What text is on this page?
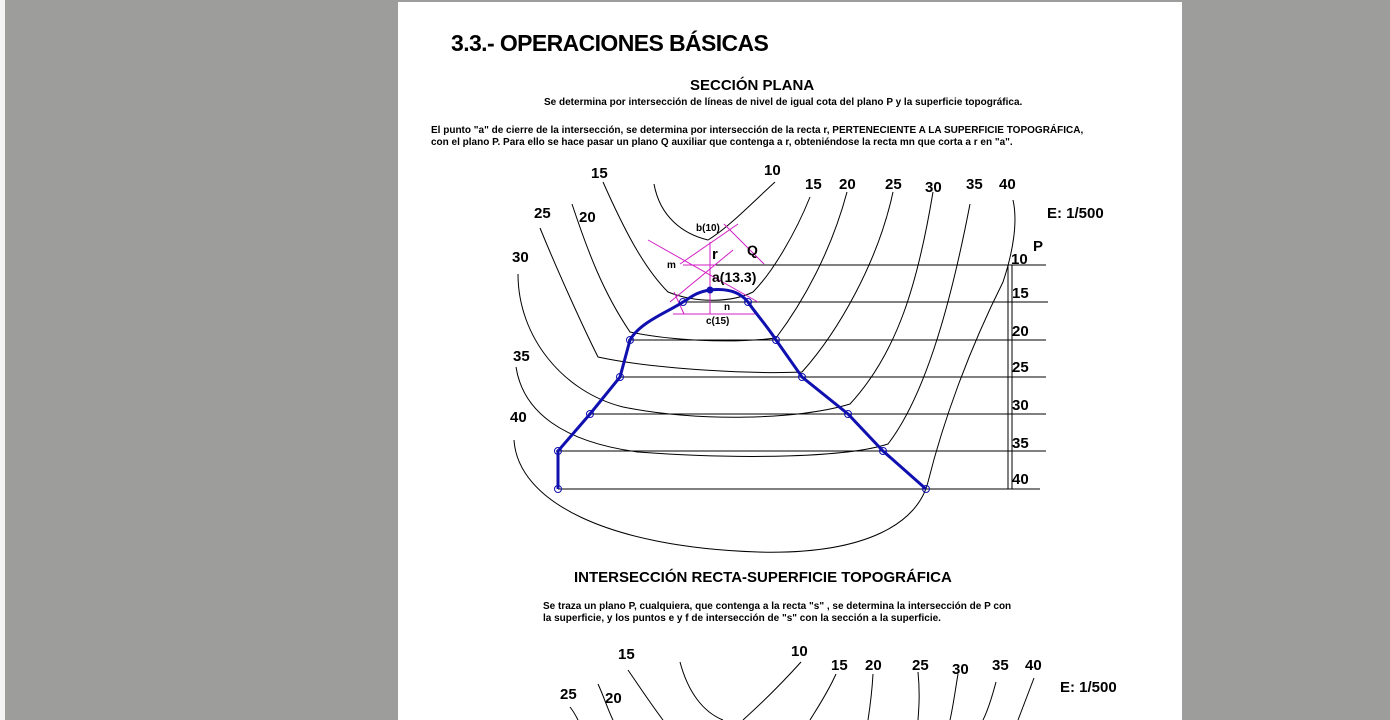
3.3.- OPERACIONES BÁSICAS
SECCIÓN PLANA

Se determina por intersección de líneas de nivel de igual cota del plano P y la superficie topográfica.

El punto "a" de cierre de la intersección, se determina por intersección de la recta r, PERTENECIENTE A LA SUPERFICIE TOPOGRÁFICA,

con el plano P. Para ello se hace pasar un plano Q auxiliar que contenga a r, obteniéndose la recta mn que corta a r en "a".

15	10
15 20 25 30 35 40
25 20
30
35
40
E: 1/500
P
10
15
20
25
30
35
40
b(10)
r Q
m
a(13.3)
n
c(15)
INTERSECCIÓN RECTA-SUPERFICIE TOPOGRÁFICA

Se traza un plano P, cualquiera, que contenga a la recta "s" , se determina la intersección de P con

la superficie, y los puntos e y f de intersección de "s" con la sección a la superficie.

15	10
15 20 25 30 35 40
25 20
E: 1/500
